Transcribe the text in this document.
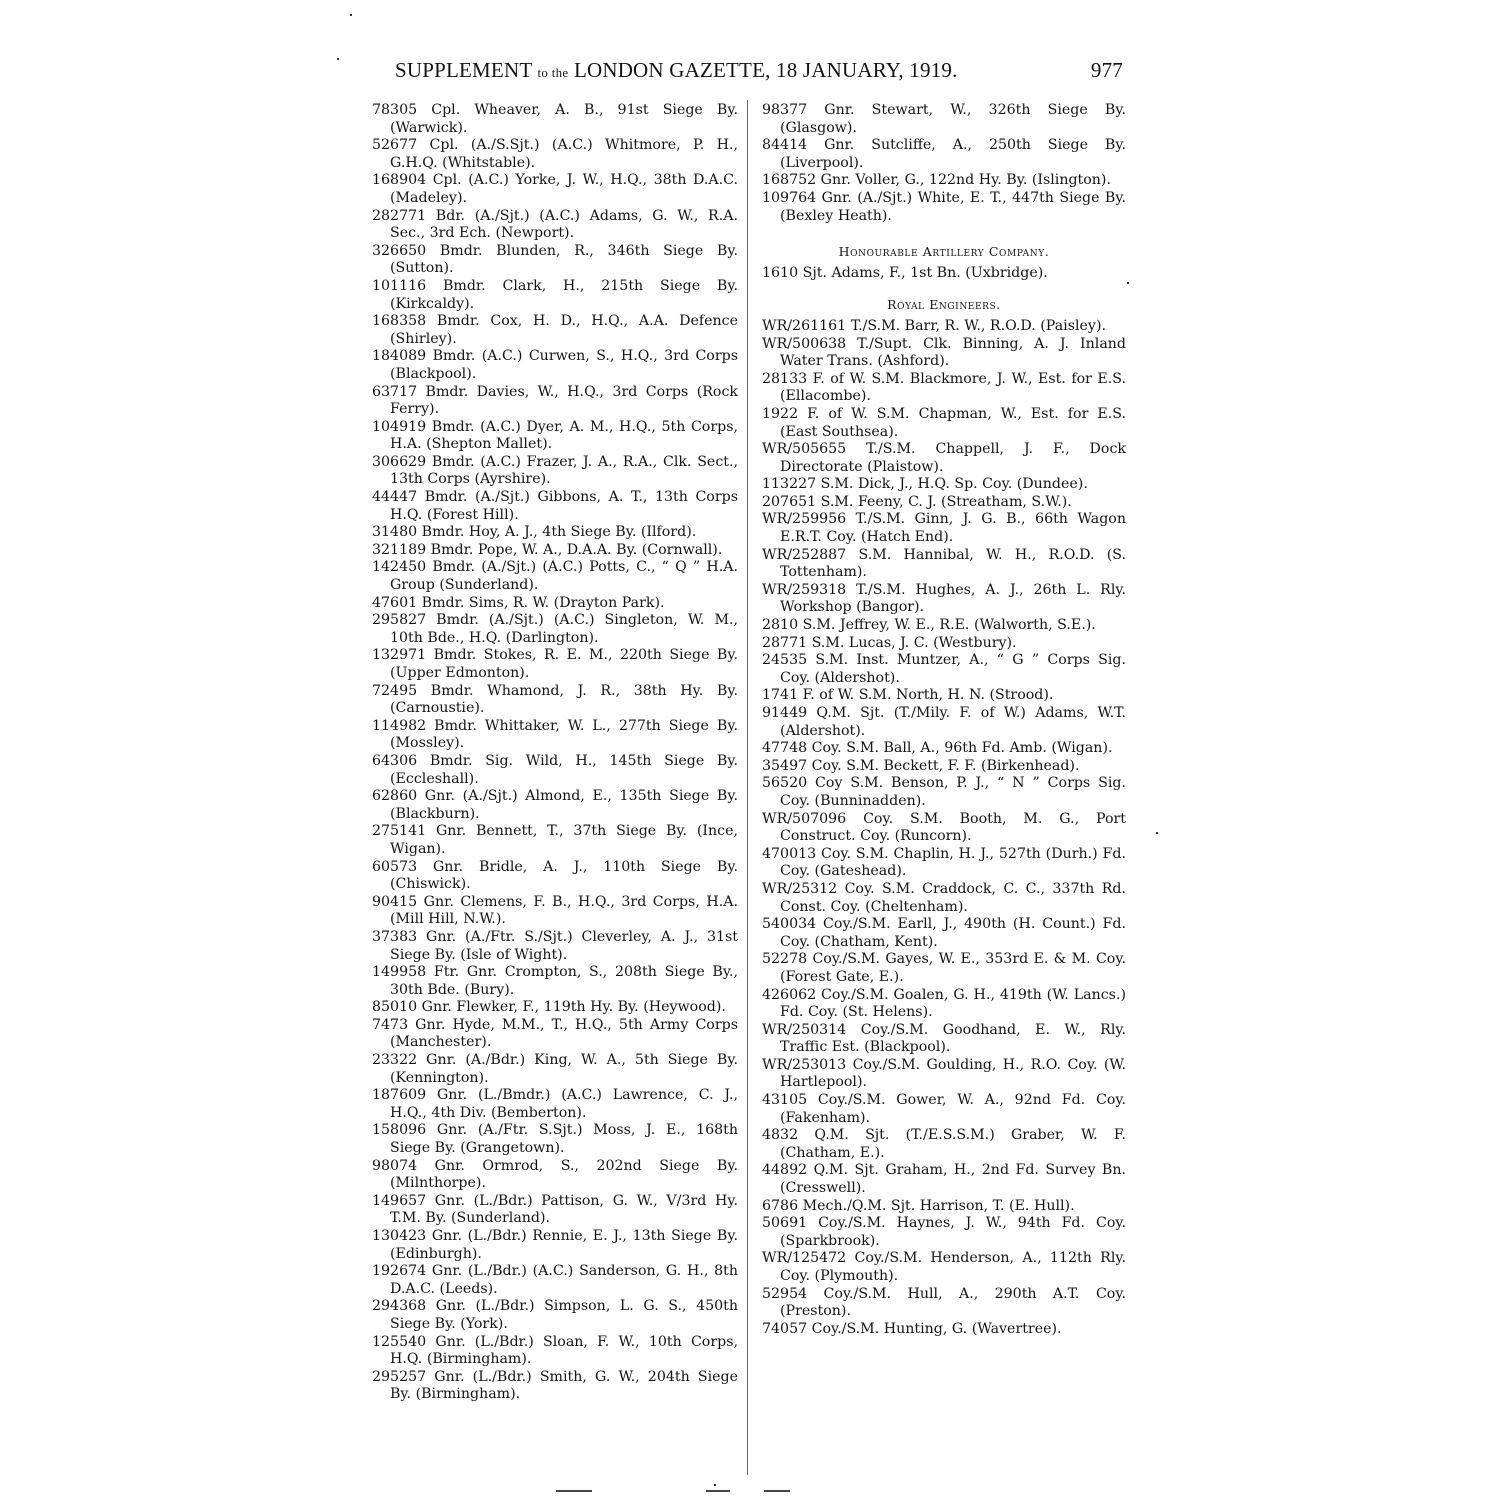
SUPPLEMENT to the LONDON GAZETTE, 18 JANUARY, 1919.	977

78305 Cpl. Wheaver, A. B., 91st Siege By. (Warwick).

52677 Cpl. (A./S.Sjt.) (A.C.) Whitmore, P. H., G.H.Q. (Whitstable).

168904 Cpl. (A.C.) Yorke, J. W., H.Q., 38th D.A.C. (Madeley).

282771 Bdr. (A./Sjt.) (A.C.) Adams, G. W., R.A. Sec., 3rd Ech. (Newport).

326650 Bmdr. Blunden, R., 346th Siege By. (Sutton).

101116 Bmdr. Clark, H., 215th Siege By. (Kirkcaldy).

168358 Bmdr. Cox, H. D., H.Q., A.A. Defence (Shirley).

184089 Bmdr. (A.C.) Curwen, S., H.Q., 3rd Corps (Blackpool).

63717 Bmdr. Davies, W., H.Q., 3rd Corps (Rock Ferry).

104919 Bmdr. (A.C.) Dyer, A. M., H.Q., 5th Corps, H.A. (Shepton Mallet).

306629 Bmdr. (A.C.) Frazer, J. A., R.A., Clk. Sect., 13th Corps (Ayrshire).

44447 Bmdr. (A./Sjt.) Gibbons, A. T., 13th Corps H.Q. (Forest Hill).

31480 Bmdr. Hoy, A. J., 4th Siege By. (Ilford).

321189 Bmdr. Pope, W. A., D.A.A. By. (Cornwall).

142450 Bmdr. (A./Sjt.) (A.C.) Potts, C., “ Q ” H.A. Group (Sunderland).

47601 Bmdr. Sims, R. W. (Drayton Park).

295827 Bmdr. (A./Sjt.) (A.C.) Singleton, W. M., 10th Bde., H.Q. (Darlington).

132971 Bmdr. Stokes, R. E. M., 220th Siege By. (Upper Edmonton).

72495 Bmdr. Whamond, J. R., 38th Hy. By. (Carnoustie).

114982 Bmdr. Whittaker, W. L., 277th Siege By. (Mossley).

64306 Bmdr. Sig. Wild, H., 145th Siege By. (Eccleshall).

62860 Gnr. (A./Sjt.) Almond, E., 135th Siege By. (Blackburn).

275141 Gnr. Bennett, T., 37th Siege By. (Ince, Wigan).

60573 Gnr. Bridle, A. J., 110th Siege By. (Chiswick).

90415 Gnr. Clemens, F. B., H.Q., 3rd Corps, H.A. (Mill Hill, N.W.).

37383 Gnr. (A./Ftr. S./Sjt.) Cleverley, A. J., 31st Siege By. (Isle of Wight).

149958 Ftr. Gnr. Crompton, S., 208th Siege By., 30th Bde. (Bury).

85010 Gnr. Flewker, F., 119th Hy. By. (Heywood).

7473 Gnr. Hyde, M.M., T., H.Q., 5th Army Corps (Manchester).

23322 Gnr. (A./Bdr.) King, W. A., 5th Siege By. (Kennington).

187609 Gnr. (L./Bmdr.) (A.C.) Lawrence, C. J., H.Q., 4th Div. (Bemberton).

158096 Gnr. (A./Ftr. S.Sjt.) Moss, J. E., 168th Siege By. (Grangetown).

98074 Gnr. Ormrod, S., 202nd Siege By. (Milnthorpe).

149657 Gnr. (L./Bdr.) Pattison, G. W., V/3rd Hy. T.M. By. (Sunderland).

130423 Gnr. (L./Bdr.) Rennie, E. J., 13th Siege By. (Edinburgh).

192674 Gnr. (L./Bdr.) (A.C.) Sanderson, G. H., 8th D.A.C. (Leeds).

294368 Gnr. (L./Bdr.) Simpson, L. G. S., 450th Siege By. (York).

125540 Gnr. (L./Bdr.) Sloan, F. W., 10th Corps, H.Q. (Birmingham).

295257 Gnr. (L./Bdr.) Smith, G. W., 204th Siege By. (Birmingham).

98377 Gnr. Stewart, W., 326th Siege By. (Glasgow).

84414 Gnr. Sutcliffe, A., 250th Siege By. (Liverpool).

168752 Gnr. Voller, G., 122nd Hy. By. (Islington).

109764 Gnr. (A./Sjt.) White, E. T., 447th Siege By. (Bexley Heath).

Honourable Artillery Company.

1610 Sjt. Adams, F., 1st Bn. (Uxbridge).

Royal Engineers.

WR/261161 T./S.M. Barr, R. W., R.O.D. (Paisley).

WR/500638 T./Supt. Clk. Binning, A. J. Inland Water Trans. (Ashford).

28133 F. of W. S.M. Blackmore, J. W., Est. for E.S. (Ellacombe).

1922 F. of W. S.M. Chapman, W., Est. for E.S. (East Southsea).

WR/505655 T./S.M. Chappell, J. F., Dock Directorate (Plaistow).

113227 S.M. Dick, J., H.Q. Sp. Coy. (Dundee).

207651 S.M. Feeny, C. J. (Streatham, S.W.).

WR/259956 T./S.M. Ginn, J. G. B., 66th Wagon E.R.T. Coy. (Hatch End).

WR/252887 S.M. Hannibal, W. H., R.O.D. (S. Tottenham).

WR/259318 T./S.M. Hughes, A. J., 26th L. Rly. Workshop (Bangor).

2810 S.M. Jeffrey, W. E., R.E. (Walworth, S.E.).

28771 S.M. Lucas, J. C. (Westbury).

24535 S.M. Inst. Muntzer, A., “ G ” Corps Sig. Coy. (Aldershot).

1741 F. of W. S.M. North, H. N. (Strood).

91449 Q.M. Sjt. (T./Mily. F. of W.) Adams, W.T. (Aldershot).

47748 Coy. S.M. Ball, A., 96th Fd. Amb. (Wigan).

35497 Coy. S.M. Beckett, F. F. (Birkenhead).

56520 Coy S.M. Benson, P. J., “ N ” Corps Sig. Coy. (Bunninadden).

WR/507096 Coy. S.M. Booth, M. G., Port Construct. Coy. (Runcorn).

470013 Coy. S.M. Chaplin, H. J., 527th (Durh.) Fd. Coy. (Gateshead).

WR/25312 Coy. S.M. Craddock, C. C., 337th Rd. Const. Coy. (Cheltenham).

540034 Coy./S.M. Earll, J., 490th (H. Count.) Fd. Coy. (Chatham, Kent).

52278 Coy./S.M. Gayes, W. E., 353rd E. & M. Coy. (Forest Gate, E.).

426062 Coy./S.M. Goalen, G. H., 419th (W. Lancs.) Fd. Coy. (St. Helens).

WR/250314 Coy./S.M. Goodhand, E. W., Rly. Traffic Est. (Blackpool).

WR/253013 Coy./S.M. Goulding, H., R.O. Coy. (W. Hartlepool).

43105 Coy./S.M. Gower, W. A., 92nd Fd. Coy. (Fakenham).

4832 Q.M. Sjt. (T./E.S.S.M.) Graber, W. F. (Chatham, E.).

44892 Q.M. Sjt. Graham, H., 2nd Fd. Survey Bn. (Cresswell).

6786 Mech./Q.M. Sjt. Harrison, T. (E. Hull).

50691 Coy./S.M. Haynes, J. W., 94th Fd. Coy. (Sparkbrook).

WR/125472 Coy./S.M. Henderson, A., 112th Rly. Coy. (Plymouth).

52954 Coy./S.M. Hull, A., 290th A.T. Coy. (Preston).

74057 Coy./S.M. Hunting, G. (Wavertree).
